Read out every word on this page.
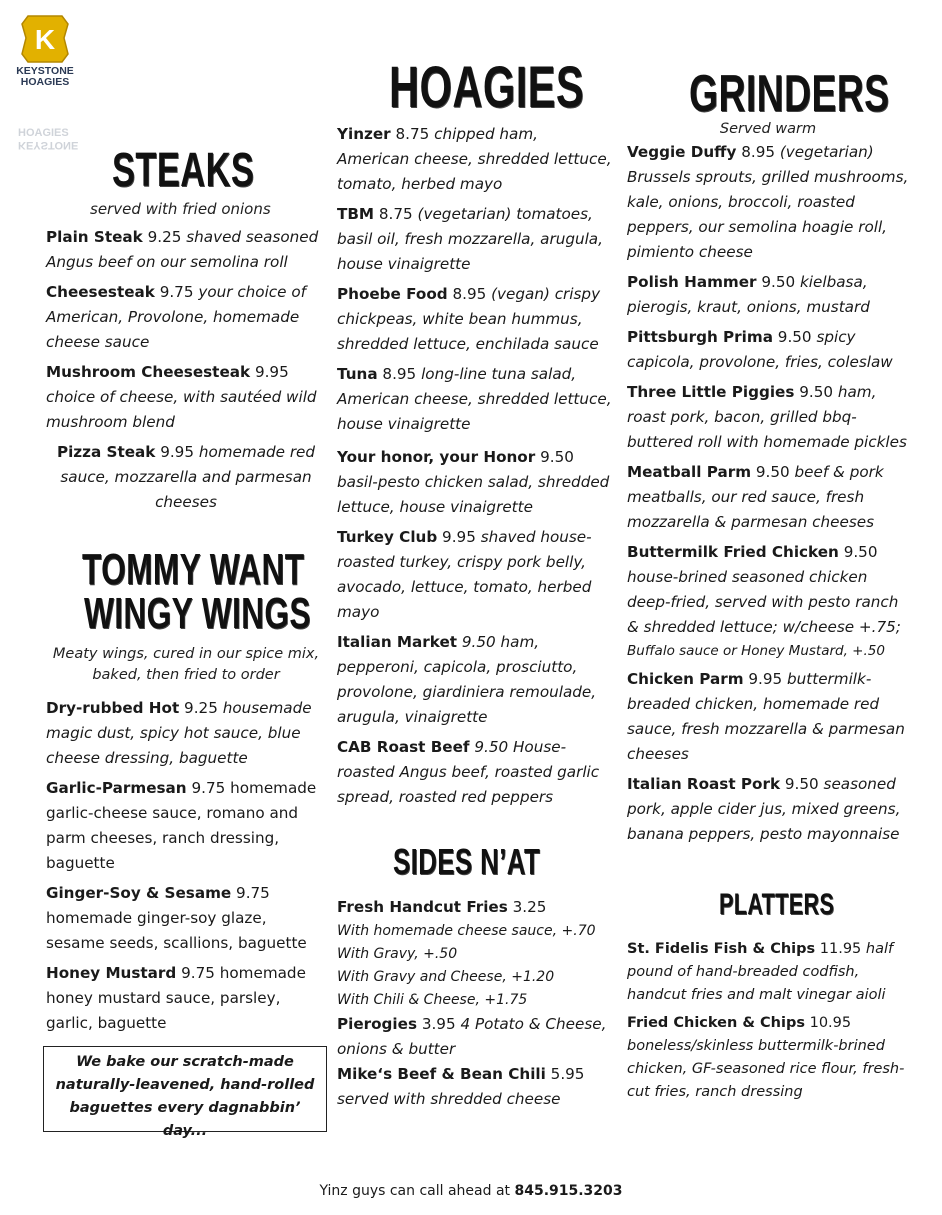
K
KEYSTONE
HOAGIES
HOAGIES
KEYSTONE STEAKS
served with fried onions
Plain Steak 9.25 shaved seasoned Angus beef on our semolina roll
Cheesesteak 9.75 your choice of American, Provolone, homemade cheese sauce
Mushroom Cheesesteak 9.95 choice of cheese, with sautéed wild mushroom blend
Pizza Steak 9.95 homemade red sauce, mozzarella and parmesan cheeses
TOMMY WANT
WINGY WINGS
Meaty wings, cured in our spice mix, baked, then fried to order
Dry-rubbed Hot 9.25 housemade magic dust, spicy hot sauce, blue cheese dressing, baguette
Garlic-Parmesan 9.75 homemade garlic-cheese sauce, romano and parm cheeses, ranch dressing, baguette
Ginger-Soy & Sesame 9.75 homemade ginger-soy glaze, sesame seeds, scallions, baguette
Honey Mustard 9.75 homemade honey mustard sauce, parsley, garlic, baguette
We bake our scratch-made naturally-leavened, hand-rolled baguettes every dagnabbin’ day...
HOAGIES
Yinzer 8.75 chipped ham, American cheese, shredded lettuce, tomato, herbed mayo
TBM 8.75 (vegetarian) tomatoes, basil oil, fresh mozzarella, arugula, house vinaigrette
Phoebe Food 8.95 (vegan) crispy chickpeas, white bean hummus, shredded lettuce, enchilada sauce
Tuna 8.95 long-line tuna salad, American cheese, shredded lettuce, house vinaigrette
Your honor, your Honor 9.50 basil-pesto chicken salad, shredded lettuce, house vinaigrette
Turkey Club 9.95 shaved house-roasted turkey, crispy pork belly, avocado, lettuce, tomato, herbed mayo
Italian Market 9.50 ham, pepperoni, capicola, prosciutto, provolone, giardiniera remoulade, arugula, vinaigrette
CAB Roast Beef 9.50 House-roasted Angus beef, roasted garlic spread, roasted red peppers
SIDES N’AT
Fresh Handcut Fries 3.25
With homemade cheese sauce, +.70
With Gravy, +.50
With Gravy and Cheese, +1.20
With Chili & Cheese, +1.75
Pierogies 3.95 4 Potato & Cheese, onions & butter
Mike‘s Beef & Bean Chili 5.95 served with shredded cheese
GRINDERS
Served warm
Veggie Duffy 8.95 (vegetarian) Brussels sprouts, grilled mushrooms, kale, onions, broccoli, roasted peppers, our semolina hoagie roll, pimiento cheese
Polish Hammer 9.50 kielbasa, pierogis, kraut, onions, mustard
Pittsburgh Prima 9.50 spicy capicola, provolone, fries, coleslaw
Three Little Piggies 9.50 ham, roast pork, bacon, grilled bbq-buttered roll with homemade pickles
Meatball Parm 9.50 beef & pork meatballs, our red sauce, fresh mozzarella & parmesan cheeses
Buttermilk Fried Chicken 9.50 house-brined seasoned chicken deep-fried, served with pesto ranch & shredded lettuce; w/cheese +.75;
Buffalo sauce or Honey Mustard, +.50
Chicken Parm 9.95 buttermilk-breaded chicken, homemade red sauce, fresh mozzarella & parmesan cheeses
Italian Roast Pork 9.50 seasoned pork, apple cider jus, mixed greens, banana peppers, pesto mayonnaise
PLATTERS
St. Fidelis Fish & Chips 11.95 half pound of hand-breaded codfish, handcut fries and malt vinegar aioli
Fried Chicken & Chips 10.95 boneless/skinless buttermilk-brined chicken, GF-seasoned rice flour, fresh-cut fries, ranch dressing
Yinz guys can call ahead at 845.915.3203
